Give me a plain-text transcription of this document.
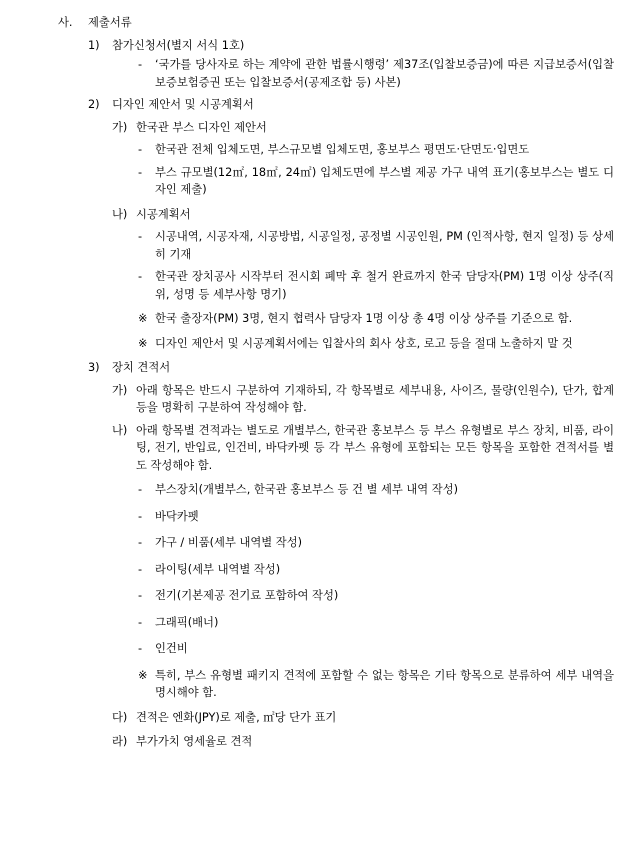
사.	제출서류
1)	참가신청서(별지 서식 1호)
-	‘국가를 당사자로 하는 계약에 관한 법률시행령’ 제37조(입찰보증금)에 따른 지급보증서(입찰보증보험증권 또는 입찰보증서(공제조합 등) 사본)
2)	디자인 제안서 및 시공계획서
가) 한국관 부스 디자인 제안서
-	한국관 전체 입체도면, 부스규모별 입체도면, 홍보부스 평면도·단면도·입면도
-	부스 규모별(12㎡, 18㎡, 24㎡) 입체도면에 부스별 제공 가구 내역 표기(홍보부스는 별도 디자인 제출)
나) 시공계획서
-	시공내역, 시공자재, 시공방법, 시공일정, 공정별 시공인원, PM (인적사항, 현지 일정) 등 상세히 기재
-	한국관 장치공사 시작부터 전시회 폐막 후 철거 완료까지 한국 담당자(PM) 1명 이상 상주(직위, 성명 등 세부사항 명기)
※ 한국 출장자(PM) 3명, 현지 협력사 담당자 1명 이상 총 4명 이상 상주를 기준으로 함.
※ 디자인 제안서 및 시공계획서에는 입찰사의 회사 상호, 로고 등을 절대 노출하지 말 것
3)	장치 견적서
가) 아래 항목은 반드시 구분하여 기재하되, 각 항목별로 세부내용, 사이즈, 물량(인원수), 단가, 합계 등을 명확히 구분하여 작성해야 함.
나) 아래 항목별 견적과는 별도로 개별부스, 한국관 홍보부스 등 부스 유형별로 부스 장치, 비품, 라이팅, 전기, 반입료, 인건비, 바닥카펫 등 각 부스 유형에 포함되는 모든 항목을 포함한 견적서를 별도 작성해야 함.
-	부스장치(개별부스, 한국관 홍보부스 등 건 별 세부 내역 작성)
-	바닥카펫
-	가구 / 비품(세부 내역별 작성)
-	라이팅(세부 내역별 작성)
-	전기(기본제공 전기료 포함하여 작성)
-	그래픽(배너)
-	인건비
※ 특히, 부스 유형별 패키지 견적에 포함할 수 없는 항목은 기타 항목으로 분류하여 세부 내역을 명시해야 함.
다) 견적은 엔화(JPY)로 제출, ㎡당 단가 표기
라) 부가가치 영세율로 견적
